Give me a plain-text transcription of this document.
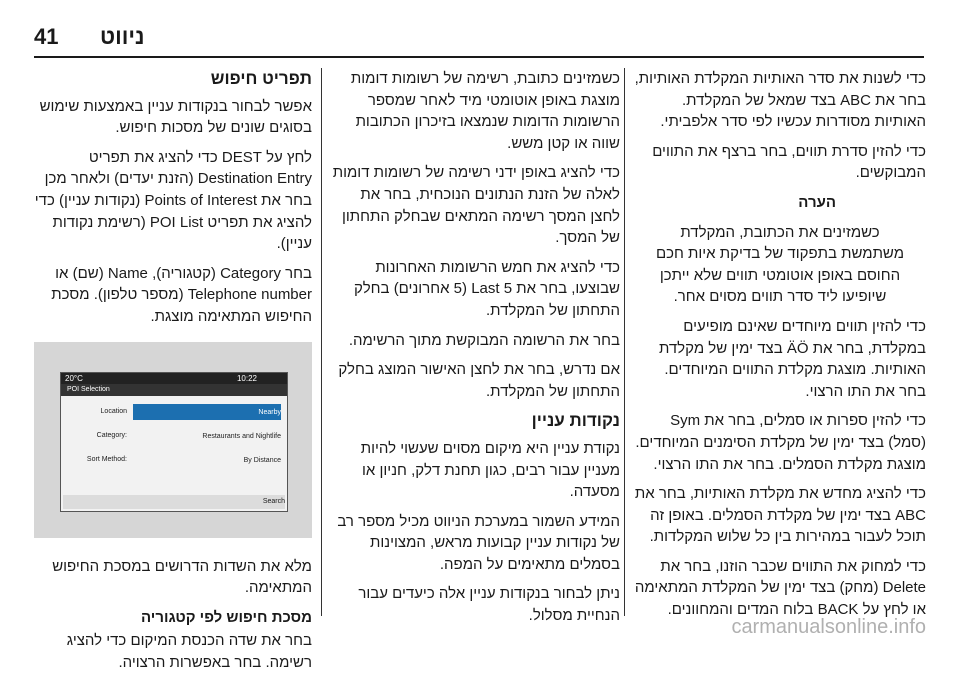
41 ניווט

כדי לשנות את סדר האותיות המקלדת האותיות, בחר את ABC בצד שמאל של המקלדת. האותיות מסודרות עכשיו לפי סדר אלפביתי.

כדי להזין סדרת תווים, בחר ברצף את התווים המבוקשים.

הערה

כשמזינים את הכתובת, המקלדת משתמשת בתפקוד של בדיקת איות חכם החוסם באופן אוטומטי תווים שלא ייתכן שיופיעו ליד סדר תווים מסוים אחר.

כדי להזין תווים מיוחדים שאינם מופיעים במקלדת, בחר את ÄÖ בצד ימין של מקלדת האותיות. מוצגת מקלדת התווים המיוחדים. בחר את התו הרצוי.

כדי להזין ספרות או סמלים, בחר את Sym (סמל) בצד ימין של מקלדת הסימנים המיוחדים. מוצגת מקלדת הסמלים. בחר את התו הרצוי.

כדי להציג מחדש את מקלדת האותיות, בחר את ABC בצד ימין של מקלדת הסמלים. באופן זה תוכל לעבור במהירות בין כל שלוש המקלדות.

כדי למחוק את התווים שכבר הוזנו, בחר את Delete (מחק) בצד ימין של המקלדת המתאימה או לחץ על BACK בלוח המדים והמחוונים.

כשמזינים כתובת, רשימה של רשומות דומות מוצגת באופן אוטומטי מיד לאחר שמספר הרשומות הדומות שנמצאו בזיכרון הכתובות שווה או קטן משש.

כדי להציג באופן ידני רשימה של רשומות דומות לאלה של הזנת הנתונים הנוכחית, בחר את לחצן המסך רשימה המתאים שבחלק התחתון של המסך.

כדי להציג את חמש הרשומות האחרונות שבוצעו, בחר את Last 5 (5 אחרונים) בחלק התחתון של המקלדת.

בחר את הרשומה המבוקשת מתוך הרשימה.

אם נדרש, בחר את לחצן האישור המוצג בחלק התחתון של המקלדת.

נקודות עניין

נקודת עניין היא מיקום מסוים שעשוי להיות מעניין עבור רבים, כגון תחנת דלק, חניון או מסעדה.

המידע השמור במערכת הניווט מכיל מספר רב של נקודות עניין קבועות מראש, המצוינות בסמלים מתאימים על המפה.

ניתן לבחור בנקודות עניין אלה כיעדים עבור הנחיית מסלול.

תפריט חיפוש

אפשר לבחור בנקודות עניין באמצעות שימוש בסוגים שונים של מסכות חיפוש.

לחץ על DEST כדי להציג את תפריט Destination Entry (הזנת יעדים) ולאחר מכן בחר את Points of Interest (נקודות עניין) כדי להציג את תפריט POI List (רשימת נקודות עניין).

בחר Category (קטגוריה), Name (שם) או Telephone number (מספר טלפון). מסכת החיפוש המתאימה מוצגת.

20°C	10:22
POI Selection
Location	Nearby
Category:	Restaurants and Nightlife
Sort Method:	By Distance
Search

מלא את השדות הדרושים במסכת החיפוש המתאימה.

מסכת חיפוש לפי קטגוריה

בחר את שדה הכנסת המיקום כדי להציג רשימה. בחר באפשרות הרצויה.

carmanualsonline.info
